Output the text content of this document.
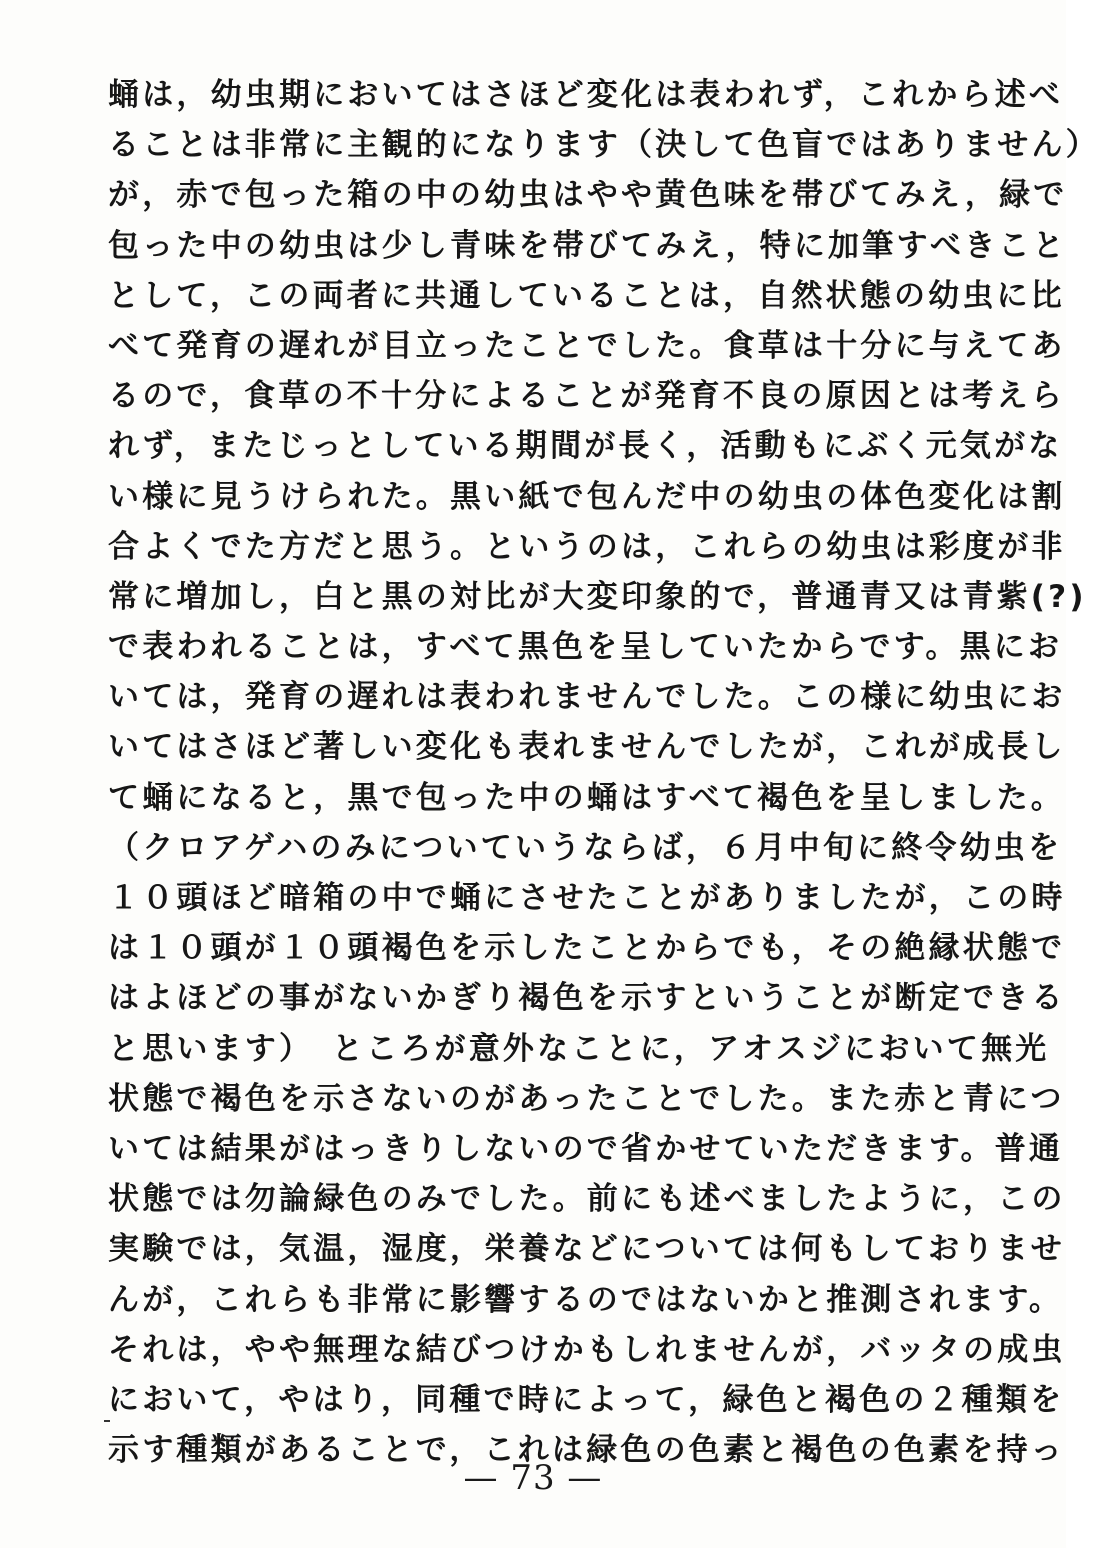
蛹は，幼虫期においてはさほど変化は表われず，これから述べ
ることは非常に主観的になります（決して色盲ではありません）
が，赤で包った箱の中の幼虫はやや黄色味を帯びてみえ，緑で
包った中の幼虫は少し青味を帯びてみえ，特に加筆すべきこと
として，この両者に共通していることは，自然状態の幼虫に比
べて発育の遅れが目立ったことでした。食草は十分に与えてあ
るので，食草の不十分によることが発育不良の原因とは考えら
れず，またじっとしている期間が長く，活動もにぶく元気がな
い様に見うけられた。黒い紙で包んだ中の幼虫の体色変化は割
合よくでた方だと思う。というのは，これらの幼虫は彩度が非
常に増加し，白と黒の対比が大変印象的で，普通青又は青紫(?)
で表われることは，すべて黒色を呈していたからです。黒にお
いては，発育の遅れは表われませんでした。この様に幼虫にお
いてはさほど著しい変化も表れませんでしたが，これが成長し
て蛹になると，黒で包った中の蛹はすべて褐色を呈しました。
（クロアゲハのみについていうならば，６月中旬に終令幼虫を
１０頭ほど暗箱の中で蛹にさせたことがありましたが，この時
は１０頭が１０頭褐色を示したことからでも，その絶縁状態で
はよほどの事がないかぎり褐色を示すということが断定できる
と思います）　ところが意外なことに，アオスジにおいて無光
状態で褐色を示さないのがあったことでした。また赤と青につ
いては結果がはっきりしないので省かせていただきます。普通
状態では勿論緑色のみでした。前にも述べましたように，この
実験では，気温，湿度，栄養などについては何もしておりませ
んが，これらも非常に影響するのではないかと推測されます。
それは，やや無理な結びつけかもしれませんが，バッタの成虫
において，やはり，同種で時によって，緑色と褐色の２種類を
示す種類があることで，これは緑色の色素と褐色の色素を持っ
— 73 —
